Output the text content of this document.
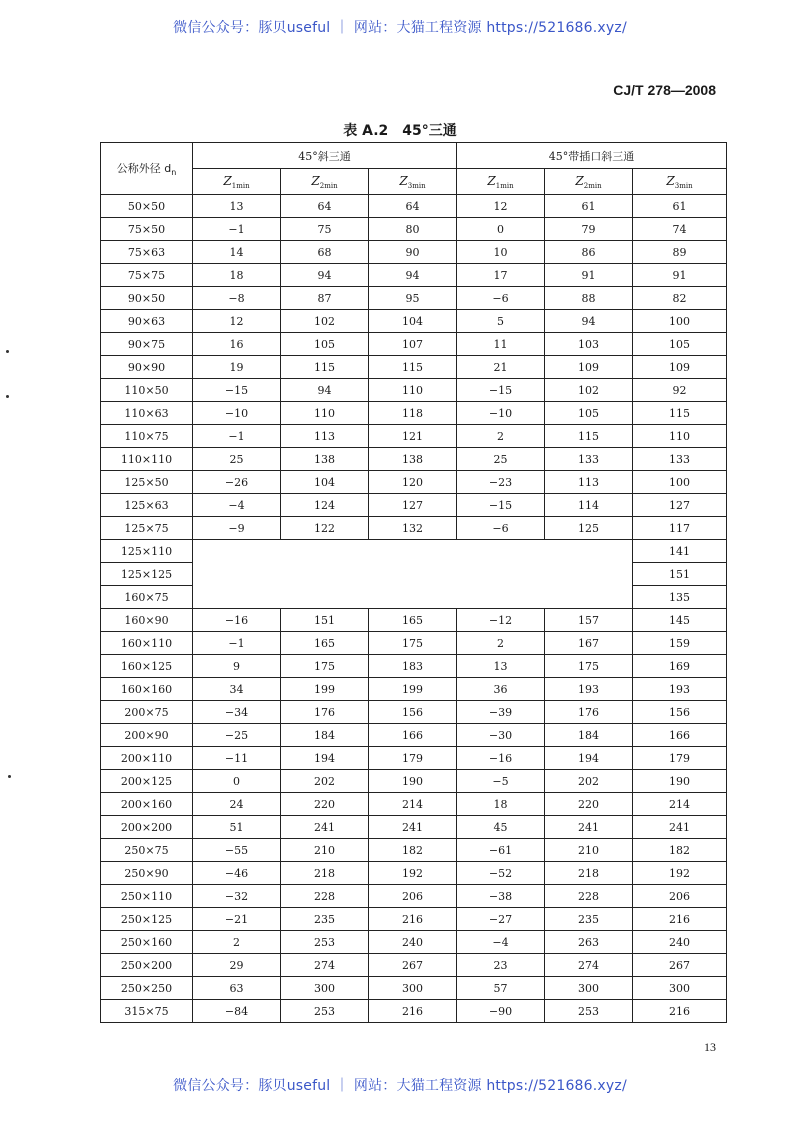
微信公众号：豚贝useful ｜ 网站：大猫工程资源 https://521686.xyz/
CJ/T 278—2008
表 A.2　45°三通
公称外径 $d_n$	45°斜三通			45°带插口斜三通		
	$Z_{1min}$	$Z_{2min}$	$Z_{3min}$	$Z_{1min}$	$Z_{2min}$	$Z_{3min}$
50×50	13	64	64	12	61	61
75×50	−1	75	80	0	79	74
75×63	14	68	90	10	86	89
75×75	18	94	94	17	91	91
90×50	−8	87	95	−6	88	82
90×63	12	102	104	5	94	100
90×75	16	105	107	11	103	105
90×90	19	115	115	21	109	109
110×50	−15	94	110	−15	102	92
110×63	−10	110	118	−10	105	115
110×75	−1	113	121	2	115	110
110×110	25	138	138	25	133	133
125×50	−26	104	120	−23	113	100
125×63	−4	124	127	−15	114	127
125×75	−9	122	132	−6	125	117
125×110						141
125×125						151
160×75						135
160×90	−16	151	165	−12	157	145
160×110	−1	165	175	2	167	159
160×125	9	175	183	13	175	169
160×160	34	199	199	36	193	193
200×75	−34	176	156	−39	176	156
200×90	−25	184	166	−30	184	166
200×110	−11	194	179	−16	194	179
200×125	0	202	190	−5	202	190
200×160	24	220	214	18	220	214
200×200	51	241	241	45	241	241
250×75	−55	210	182	−61	210	182
250×90	−46	218	192	−52	218	192
250×110	−32	228	206	−38	228	206
250×125	−21	235	216	−27	235	216
250×160	2	253	240	−4	263	240
250×200	29	274	267	23	274	267
250×250	63	300	300	57	300	300
315×75	−84	253	216	−90	253	216
13
微信公众号：豚贝useful ｜ 网站：大猫工程资源 https://521686.xyz/
